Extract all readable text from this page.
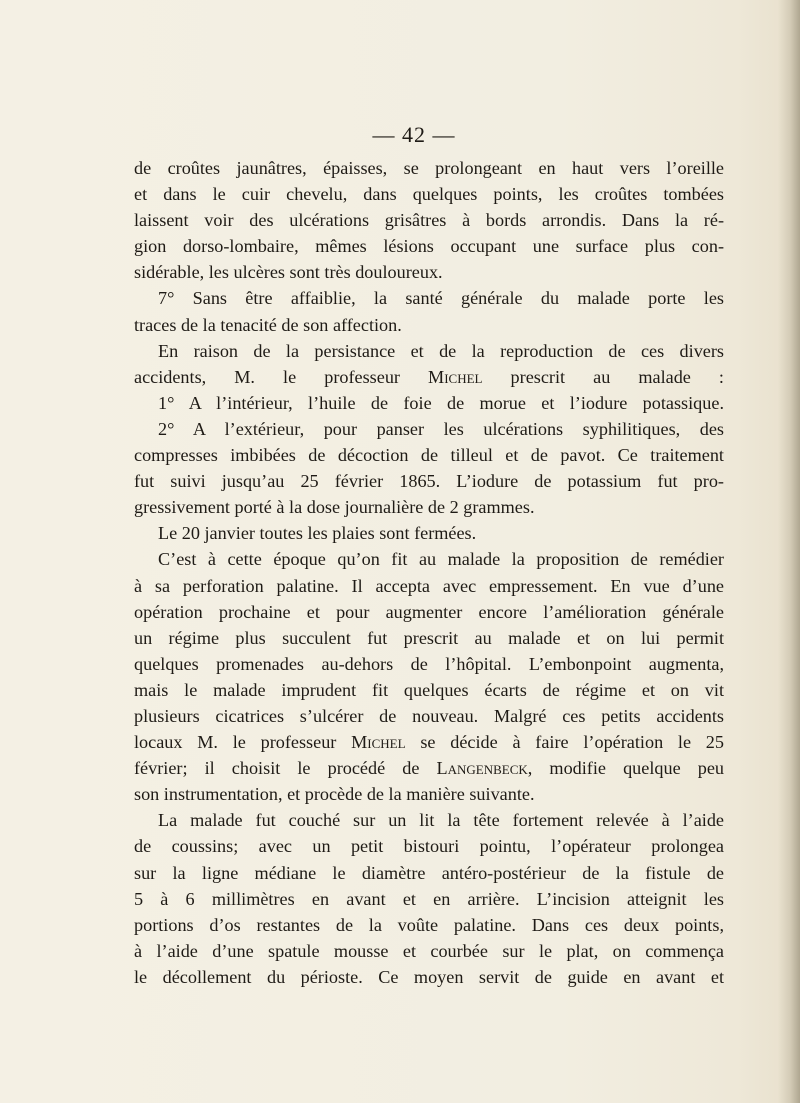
— 42 —
de croûtes jaunâtres, épaisses, se prolongeant en haut vers l’oreille
et dans le cuir chevelu, dans quelques points, les croûtes tombées
laissent voir des ulcérations grisâtres à bords arrondis. Dans la ré-
gion dorso-lombaire, mêmes lésions occupant une surface plus con-
sidérable, les ulcères sont très douloureux.
7° Sans être affaiblie, la santé générale du malade porte les
traces de la tenacité de son affection.
En raison de la persistance et de la reproduction de ces divers
accidents, M. le professeur Michel prescrit au malade :
1° A l’intérieur, l’huile de foie de morue et l’iodure potassique.
2° A l’extérieur, pour panser les ulcérations syphilitiques, des
compresses imbibées de décoction de tilleul et de pavot. Ce traitement
fut suivi jusqu’au 25 février 1865. L’iodure de potassium fut pro-
gressivement porté à la dose journalière de 2 grammes.
Le 20 janvier toutes les plaies sont fermées.
C’est à cette époque qu’on fit au malade la proposition de remédier
à sa perforation palatine. Il accepta avec empressement. En vue d’une
opération prochaine et pour augmenter encore l’amélioration générale
un régime plus succulent fut prescrit au malade et on lui permit
quelques promenades au-dehors de l’hôpital. L’embonpoint augmenta,
mais le malade imprudent fit quelques écarts de régime et on vit
plusieurs cicatrices s’ulcérer de nouveau. Malgré ces petits accidents
locaux M. le professeur Michel se décide à faire l’opération le 25
février; il choisit le procédé de Langenbeck, modifie quelque peu
son instrumentation, et procède de la manière suivante.
La malade fut couché sur un lit la tête fortement relevée à l’aide
de coussins; avec un petit bistouri pointu, l’opérateur prolongea
sur la ligne médiane le diamètre antéro-postérieur de la fistule de
5 à 6 millimètres en avant et en arrière. L’incision atteignit les
portions d’os restantes de la voûte palatine. Dans ces deux points,
à l’aide d’une spatule mousse et courbée sur le plat, on commença
le décollement du périoste. Ce moyen servit de guide en avant et
